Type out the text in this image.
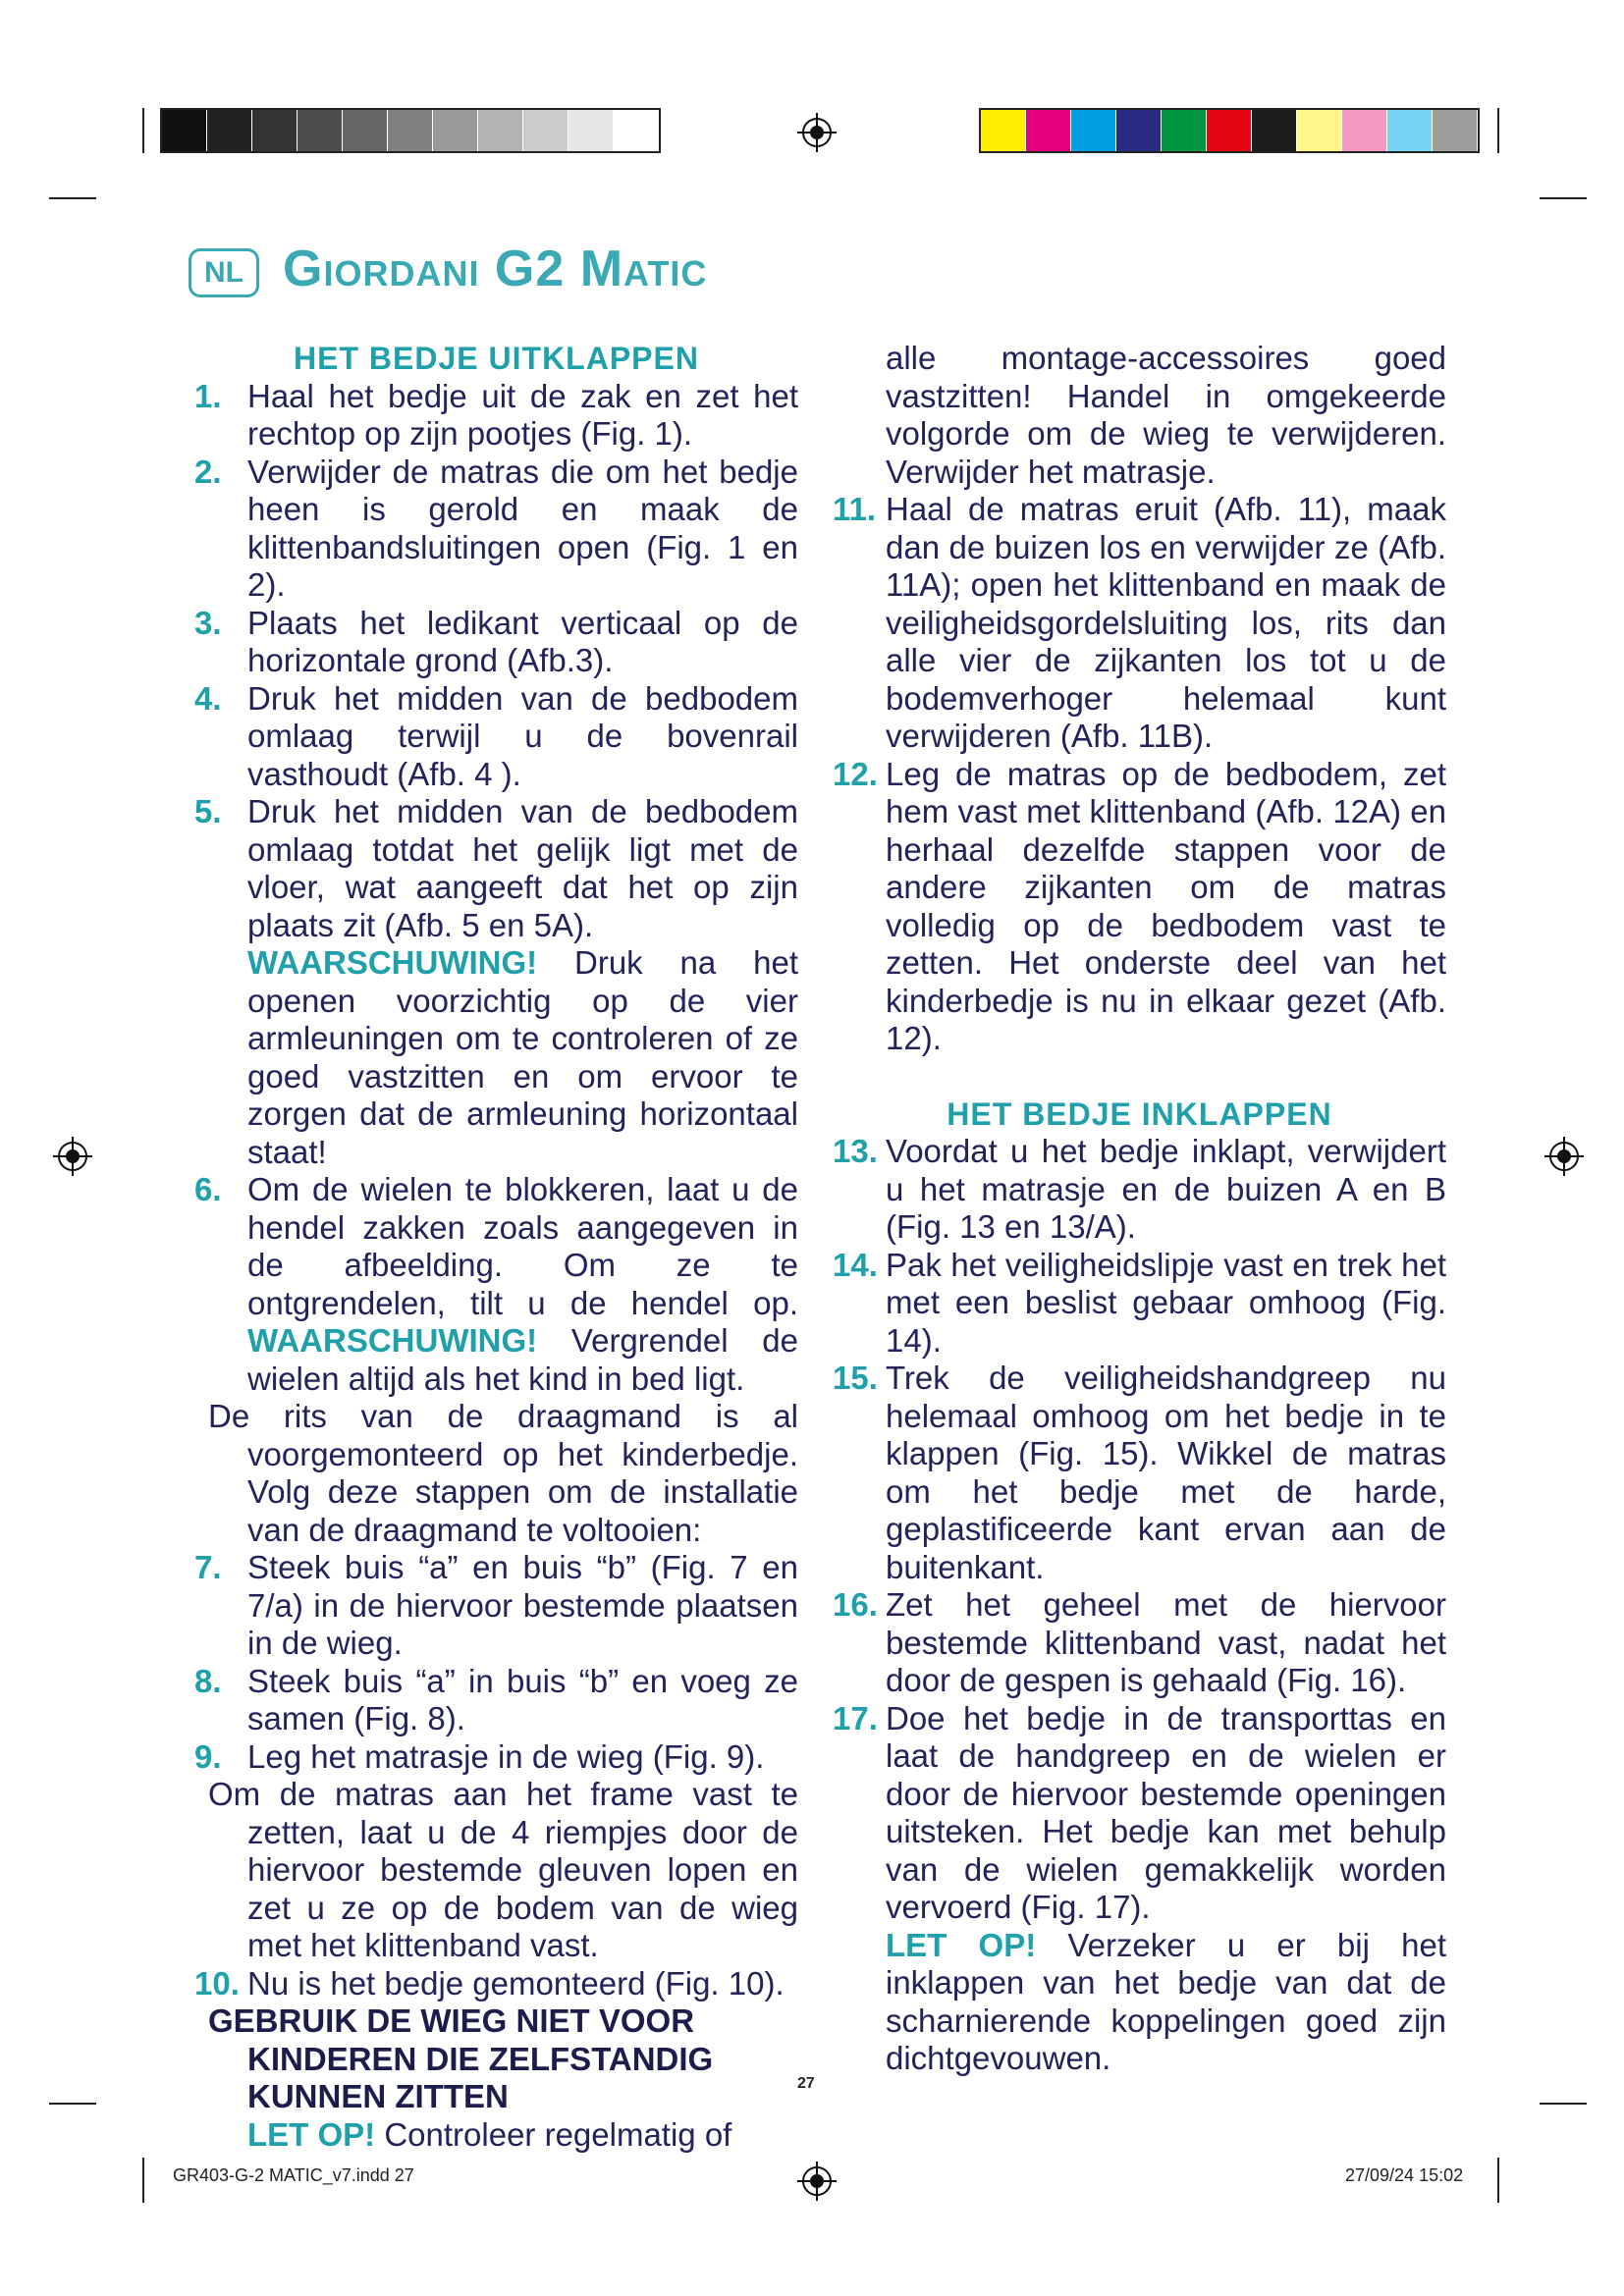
NL Giordani G2 Matic

HET BEDJE UITKLAPPEN

1. Haal het bedje uit de zak en zet het rechtop op zijn pootjes (Fig. 1).

2. Verwijder de matras die om het bedje heen is gerold en maak de klittenbandsluitingen open (Fig. 1 en 2).

3. Plaats het ledikant verticaal op de horizontale grond (Afb.3).

4. Druk het midden van de bedbodem omlaag terwijl u de bovenrail vasthoudt (Afb. 4 ).

5. Druk het midden van de bedbodem omlaag totdat het gelijk ligt met de vloer, wat aangeeft dat het op zijn plaats zit (Afb. 5 en 5A).

WAARSCHUWING! Druk na het openen voorzichtig op de vier armleuningen om te controleren of ze goed vastzitten en om ervoor te zorgen dat de armleuning horizontaal staat!

6. Om de wielen te blokkeren, laat u de hendel zakken zoals aangegeven in de afbeelding. Om ze te ontgrendelen, tilt u de hendel op. WAARSCHUWING! Vergrendel de wielen altijd als het kind in bed ligt.

De rits van de draagmand is al voorgemonteerd op het kinderbedje. Volg deze stappen om de installatie van de draagmand te voltooien:

7. Steek buis “a” en buis “b” (Fig. 7 en 7/a) in de hiervoor bestemde plaatsen in de wieg.

8. Steek buis “a” in buis “b” en voeg ze samen (Fig. 8).

9. Leg het matrasje in de wieg (Fig. 9).

Om de matras aan het frame vast te zetten, laat u de 4 riempjes door de hiervoor bestemde gleuven lopen en zet u ze op de bodem van de wieg met het klittenband vast.

10. Nu is het bedje gemonteerd (Fig. 10).

GEBRUIK DE WIEG NIET VOOR KINDEREN DIE ZELFSTANDIG KUNNEN ZITTEN

LET OP! Controleer regelmatig of

alle montage-accessoires goed vastzitten! Handel in omgekeerde volgorde om de wieg te verwijderen. Verwijder het matrasje.

11. Haal de matras eruit (Afb. 11), maak dan de buizen los en verwijder ze (Afb. 11A); open het klittenband en maak de veiligheidsgordelsluiting los, rits dan alle vier de zijkanten los tot u de bodemverhoger helemaal kunt verwijderen (Afb. 11B).

12. Leg de matras op de bedbodem, zet hem vast met klittenband (Afb. 12A) en herhaal dezelfde stappen voor de andere zijkanten om de matras volledig op de bedbodem vast te zetten. Het onderste deel van het kinderbedje is nu in elkaar gezet (Afb. 12).

HET BEDJE INKLAPPEN

13. Voordat u het bedje inklapt, verwijdert u het matrasje en de buizen A en B (Fig. 13 en 13/A).

14. Pak het veiligheidslipje vast en trek het met een beslist gebaar omhoog (Fig. 14).

15. Trek de veiligheidshandgreep nu helemaal omhoog om het bedje in te klappen (Fig. 15). Wikkel de matras om het bedje met de harde, geplastificeerde kant ervan aan de buitenkant.

16. Zet het geheel met de hiervoor bestemde klittenband vast, nadat het door de gespen is gehaald (Fig. 16).

17. Doe het bedje in de transporttas en laat de handgreep en de wielen er door de hiervoor bestemde openingen uitsteken. Het bedje kan met behulp van de wielen gemakkelijk worden vervoerd (Fig. 17).

LET OP! Verzeker u er bij het inklappen van het bedje van dat de scharnierende koppelingen goed zijn dichtgevouwen.

27
GR403-G-2 MATIC_v7.indd 27	27/09/24 15:02
